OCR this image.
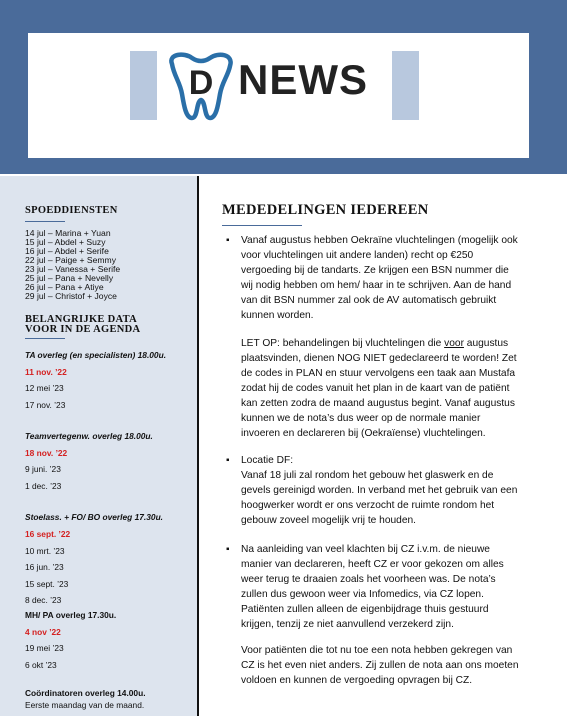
D NEWS
SPOEDDIENSTEN
14 jul – Marina + Yuan
15 jul – Abdel + Suzy
16 jul – Abdel + Serife
22 jul – Paige + Semmy
23 jul – Vanessa + Serife
25 jul – Pana + Nevelly
26 jul – Pana + Atiye
29 jul – Christof + Joyce
BELANGRIJKE DATA
VOOR IN DE AGENDA
TA overleg (en specialisten) 18.00u.
11 nov. ’22
12 mei ’23
17 nov. ’23
Teamvertegenw. overleg 18.00u.
18 nov. ’22
9 juni. ’23
1 dec. ’23
Stoelass. + FO/ BO overleg 17.30u.
16 sept. ’22
10 mrt. ’23
16 jun. ’23
15 sept. ’23
8 dec. ’23
MH/ PA overleg 17.30u.
4 nov ’22
19 mei ’23
6 okt ’23
Coördinatoren overleg 14.00u.
Eerste maandag van de maand.
MEDEDELINGEN IEDEREEN
▪ Vanaf augustus hebben Oekraïne vluchtelingen (mogelijk ook
voor vluchtelingen uit andere landen) recht op €250
vergoeding bij de tandarts. Ze krijgen een BSN nummer die
wij nodig hebben om hem/ haar in te schrijven. Aan de hand
van dit BSN nummer zal ook de AV automatisch gebruikt
kunnen worden.
LET OP: behandelingen bij vluchtelingen die voor augustus
plaatsvinden, dienen NOG NIET gedeclareerd te worden! Zet
de codes in PLAN en stuur vervolgens een taak aan Mustafa
zodat hij de codes vanuit het plan in de kaart van de patiënt
kan zetten zodra de maand augustus begint. Vanaf augustus
kunnen we de nota’s dus weer op de normale manier
invoeren en declareren bij (Oekraïense) vluchtelingen.
▪ Locatie DF:
Vanaf 18 juli zal rondom het gebouw het glaswerk en de
gevels gereinigd worden. In verband met het gebruik van een
hoogwerker wordt er ons verzocht de ruimte rondom het
gebouw zoveel mogelijk vrij te houden.
▪ Na aanleiding van veel klachten bij CZ i.v.m. de nieuwe
manier van declareren, heeft CZ er voor gekozen om alles
weer terug te draaien zoals het voorheen was. De nota’s
zullen dus gewoon weer via Infomedics, via CZ lopen.
Patiënten zullen alleen de eigenbijdrage thuis gestuurd
krijgen, tenzij ze niet aanvullend verzekerd zijn.
Voor patiënten die tot nu toe een nota hebben gekregen van
CZ is het even niet anders. Zij zullen de nota aan ons moeten
voldoen en kunnen de vergoeding opvragen bij CZ.
